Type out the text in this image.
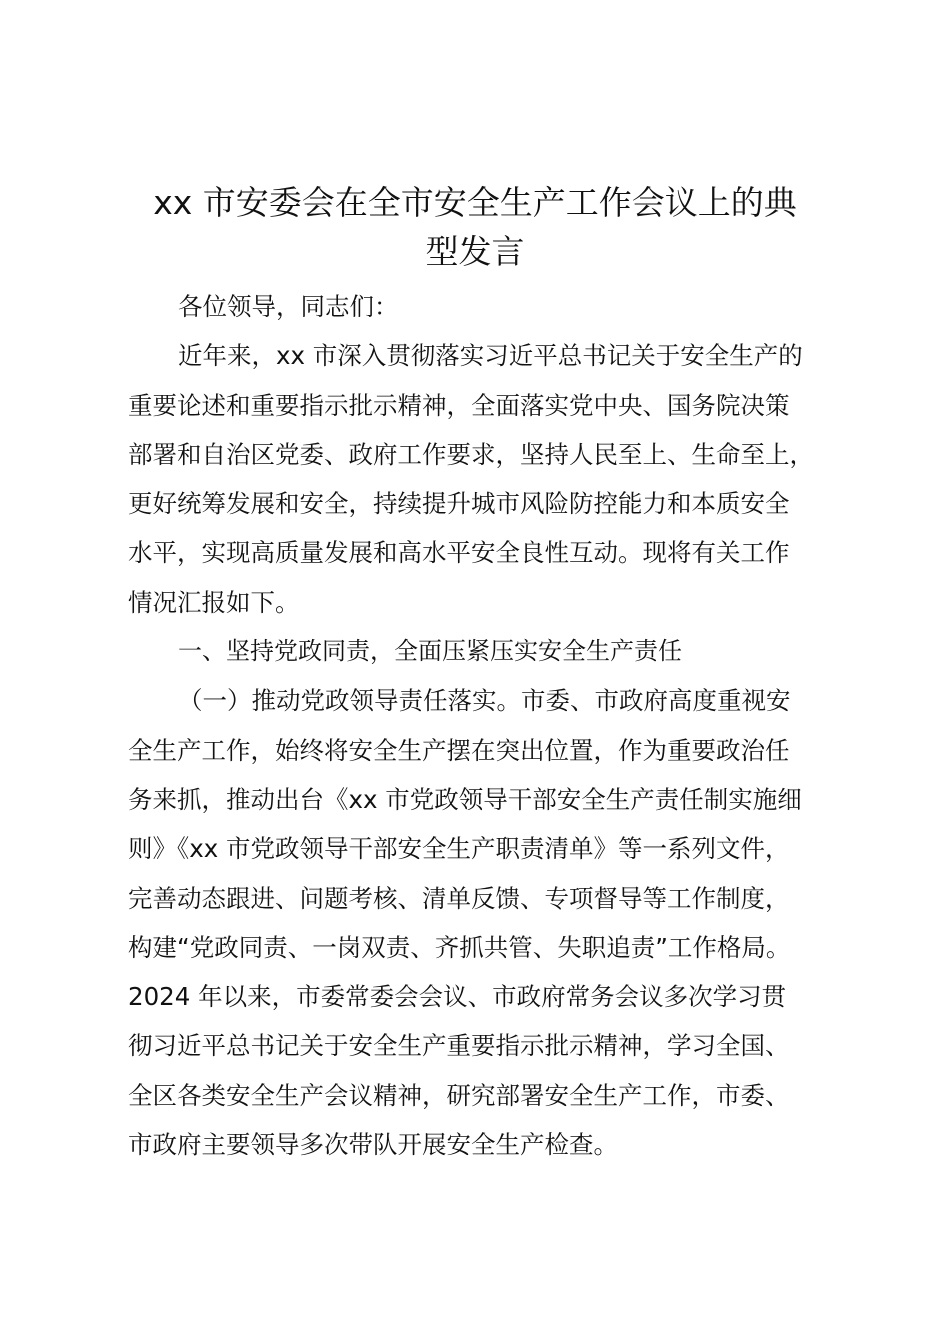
xx 市安委会在全市安全生产工作会议上的典
型发言
各位领导，同志们：
近年来，xx 市深入贯彻落实习近平总书记关于安全生产的
重要论述和重要指示批示精神，全面落实党中央、国务院决策
部署和自治区党委、政府工作要求，坚持人民至上、生命至上，
更好统筹发展和安全，持续提升城市风险防控能力和本质安全
水平，实现高质量发展和高水平安全良性互动。现将有关工作
情况汇报如下。
一、坚持党政同责，全面压紧压实安全生产责任
（一）推动党政领导责任落实。市委、市政府高度重视安
全生产工作，始终将安全生产摆在突出位置，作为重要政治任
务来抓，推动出台《xx 市党政领导干部安全生产责任制实施细
则》《xx 市党政领导干部安全生产职责清单》等一系列文件，
完善动态跟进、问题考核、清单反馈、专项督导等工作制度，
构建“党政同责、一岗双责、齐抓共管、失职追责”工作格局。
2024 年以来，市委常委会会议、市政府常务会议多次学习贯
彻习近平总书记关于安全生产重要指示批示精神，学习全国、
全区各类安全生产会议精神，研究部署安全生产工作，市委、
市政府主要领导多次带队开展安全生产检查。
